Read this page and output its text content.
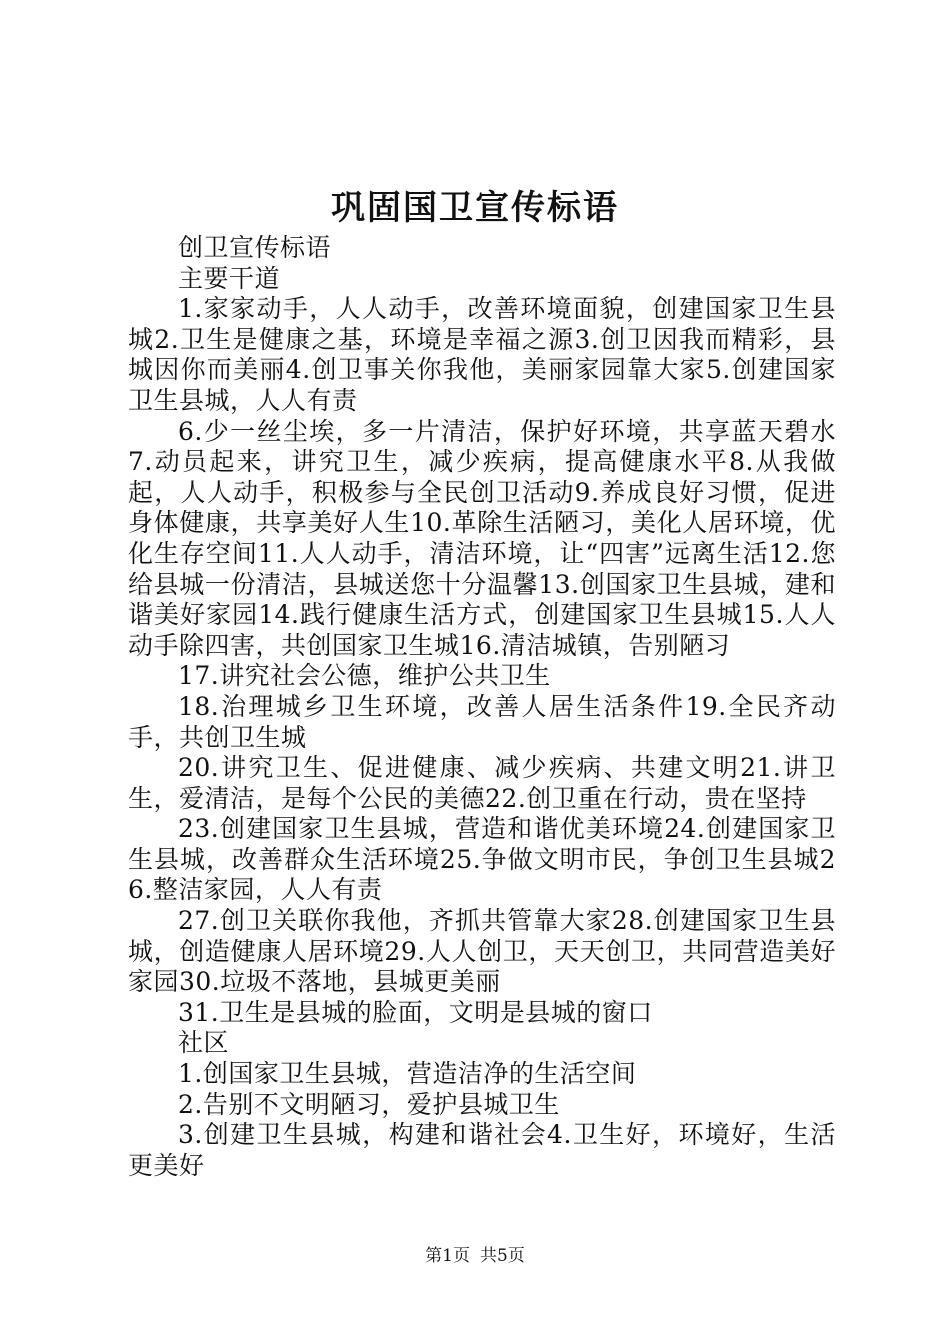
巩固国卫宣传标语

创卫宣传标语

主要干道

1.家家动手，人人动手，改善环境面貌，创建国家卫生县城2.卫生是健康之基，环境是幸福之源3.创卫因我而精彩，县城因你而美丽4.创卫事关你我他，美丽家园靠大家5.创建国家卫生县城，人人有责

6.少一丝尘埃，多一片清洁，保护好环境，共享蓝天碧水7.动员起来，讲究卫生，减少疾病，提高健康水平8.从我做起，人人动手，积极参与全民创卫活动9.养成良好习惯，促进身体健康，共享美好人生10.革除生活陋习，美化人居环境，优化生存空间11.人人动手，清洁环境，让“四害”远离生活12.您给县城一份清洁，县城送您十分温馨13.创国家卫生县城，建和谐美好家园14.践行健康生活方式，创建国家卫生县城15.人人动手除四害，共创国家卫生城16.清洁城镇，告别陋习

17.讲究社会公德，维护公共卫生

18.治理城乡卫生环境，改善人居生活条件19.全民齐动手，共创卫生城

20.讲究卫生、促进健康、减少疾病、共建文明21.讲卫生，爱清洁，是每个公民的美德22.创卫重在行动，贵在坚持

23.创建国家卫生县城，营造和谐优美环境24.创建国家卫生县城，改善群众生活环境25.争做文明市民，争创卫生县城26.整洁家园，人人有责

27.创卫关联你我他，齐抓共管靠大家28.创建国家卫生县城，创造健康人居环境29.人人创卫，天天创卫，共同营造美好家园30.垃圾不落地，县城更美丽

31.卫生是县城的脸面，文明是县城的窗口

社区

1.创国家卫生县城，营造洁净的生活空间

2.告别不文明陋习，爱护县城卫生

3.创建卫生县城，构建和谐社会4.卫生好，环境好，生活更美好

第1页 共5页
